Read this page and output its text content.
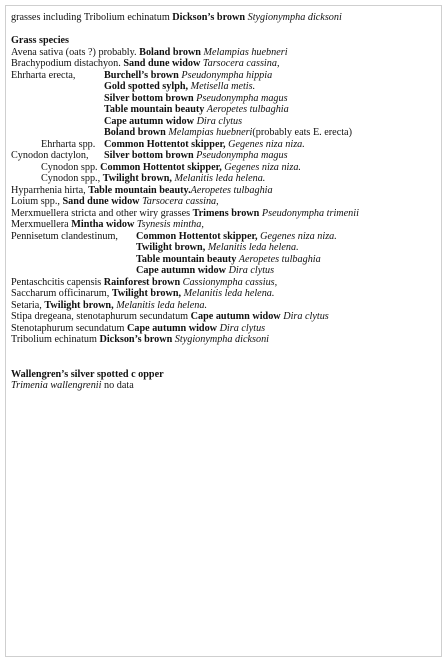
grasses including Tribolium echinatum Dickson’s brown Stygionympha dicksoni
Grass species
Avena sativa (oats ?) probably. Boland brown Melampias huebneri
Brachypodium distachyon. Sand dune widow Tarsocera cassina,
Ehrharta erecta,	Burchell’s brown Pseudonympha hippia
Gold spotted sylph, Metisella metis.
Silver bottom brown Pseudonympha magus
Table mountain beauty Aeropetes tulbaghia
Cape autumn widow Dira clytus
Boland brown Melampias huebneri(probably eats E. erecta)
Ehrharta spp. Common Hottentot skipper, Gegenes niza niza.
Cynodon dactylon, Silver bottom brown Pseudonympha magus
Cynodon spp. Common Hottentot skipper, Gegenes niza niza.
Cynodon spp., Twilight brown, Melanitis leda helena.
Hyparrhenia hirta, Table mountain beauty.Aeropetes tulbaghia
Loium spp., Sand dune widow Tarsocera cassina,
Merxmuellera stricta and other wiry grasses Trimens brown Pseudonympha trimenii
Merxmuellera Mintha widow Tsynesis mintha,
Pennisetum clandestinum, Common Hottentot skipper, Gegenes niza niza.
Twilight brown, Melanitis leda helena.
Table mountain beauty Aeropetes tulbaghia
Cape autumn widow Dira clytus
Pentaschcitis capensis Rainforest brown Cassionympha cassius,
Saccharum officinarum, Twilight brown, Melanitis leda helena.
Setaria, Twilight brown, Melanitis leda helena.
Stipa dregeana, stenotaphurum secundatum Cape autumn widow Dira clytus
Stenotaphurum secundatum Cape autumn widow Dira clytus
Tribolium echinatum Dickson’s brown Stygionympha dicksoni
Wallengren’s silver spotted c opper
Trimenia wallengrenii no data
